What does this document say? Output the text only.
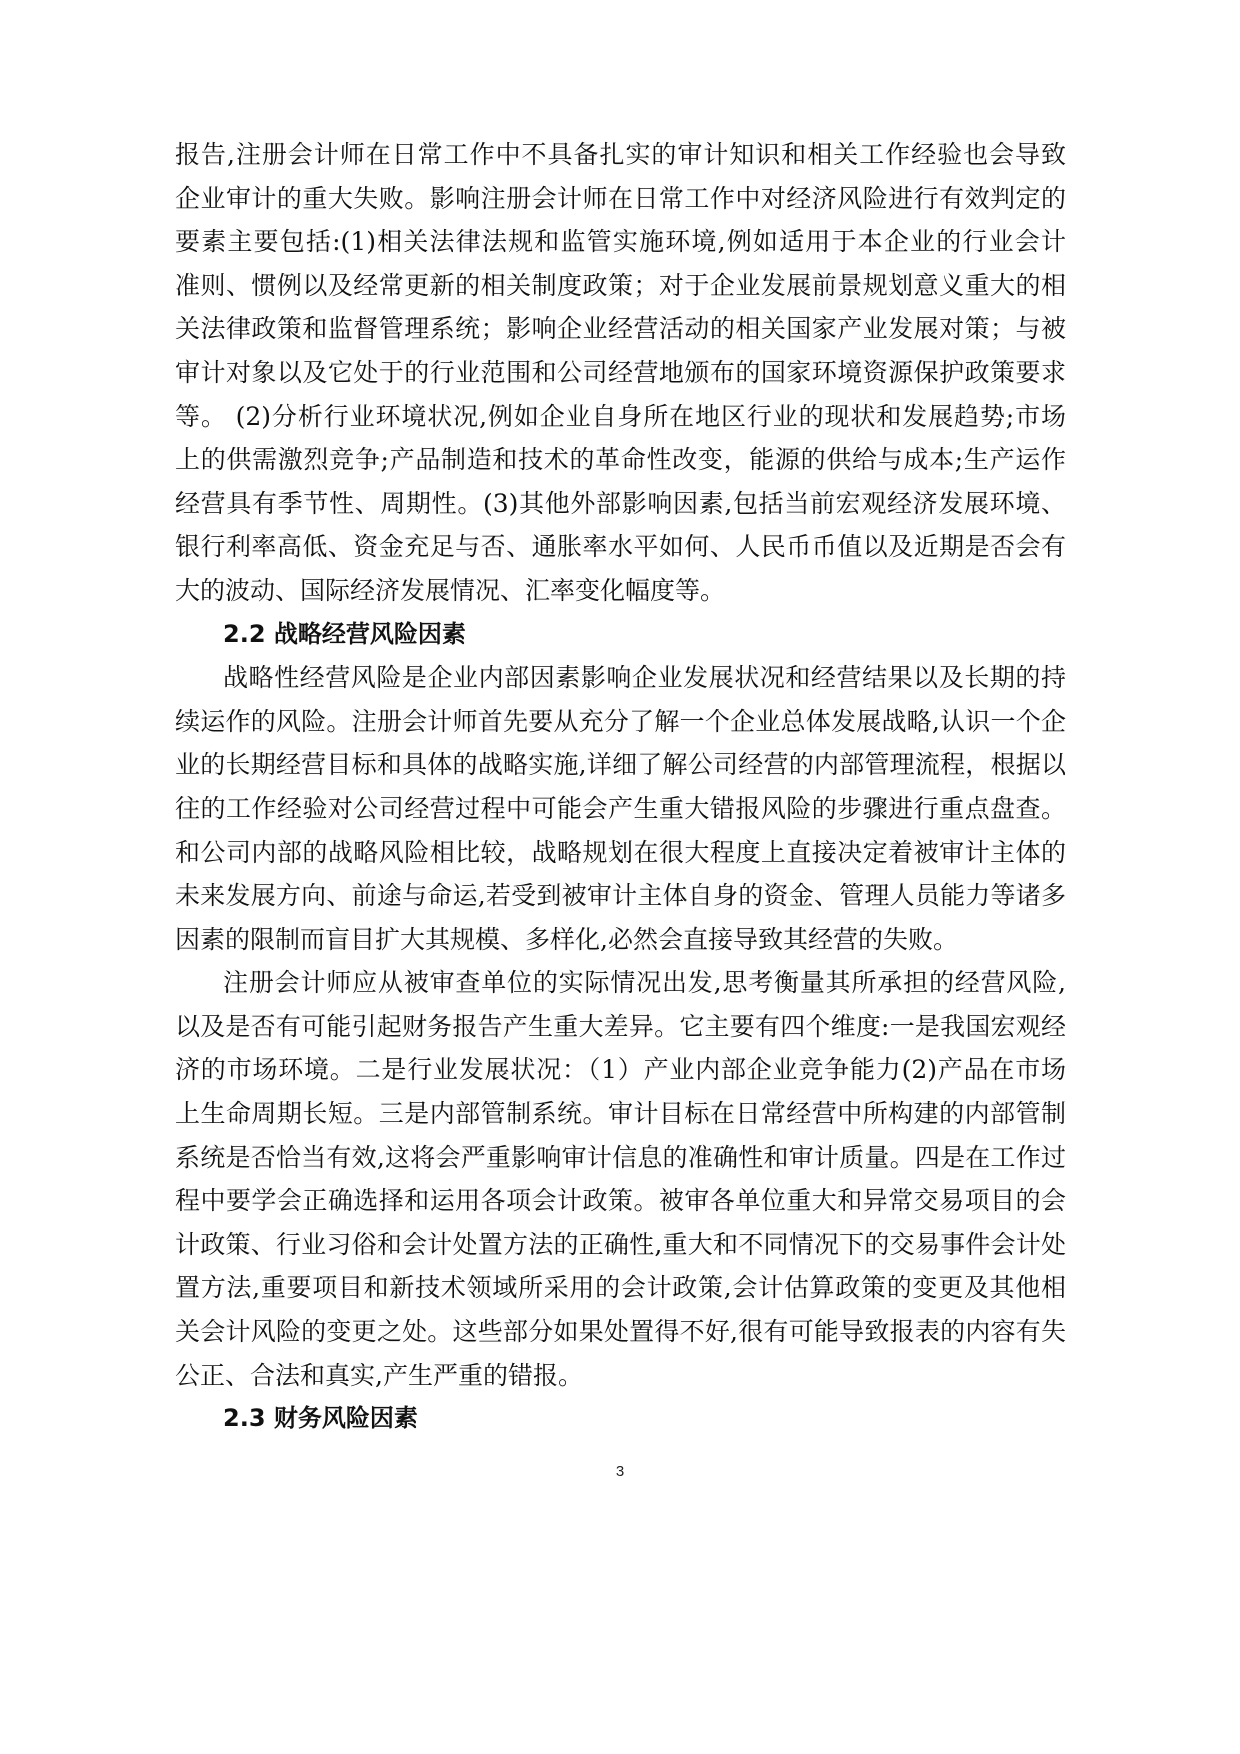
报告,注册会计师在日常工作中不具备扎实的审计知识和相关工作经验也会导致
企业审计的重大失败。影响注册会计师在日常工作中对经济风险进行有效判定的
要素主要包括:(1)相关法律法规和监管实施环境,例如适用于本企业的行业会计
准则、惯例以及经常更新的相关制度政策；对于企业发展前景规划意义重大的相
关法律政策和监督管理系统；影响企业经营活动的相关国家产业发展对策；与被
审计对象以及它处于的行业范围和公司经营地颁布的国家环境资源保护政策要求
等。 (2)分析行业环境状况,例如企业自身所在地区行业的现状和发展趋势;市场
上的供需激烈竞争;产品制造和技术的革命性改变，能源的供给与成本;生产运作
经营具有季节性、周期性。(3)其他外部影响因素,包括当前宏观经济发展环境、
银行利率高低、资金充足与否、通胀率水平如何、人民币币值以及近期是否会有
大的波动、国际经济发展情况、汇率变化幅度等。
2.2 战略经营风险因素
战略性经营风险是企业内部因素影响企业发展状况和经营结果以及长期的持
续运作的风险。注册会计师首先要从充分了解一个企业总体发展战略,认识一个企
业的长期经营目标和具体的战略实施,详细了解公司经营的内部管理流程，根据以
往的工作经验对公司经营过程中可能会产生重大错报风险的步骤进行重点盘查。
和公司内部的战略风险相比较，战略规划在很大程度上直接决定着被审计主体的
未来发展方向、前途与命运,若受到被审计主体自身的资金、管理人员能力等诸多
因素的限制而盲目扩大其规模、多样化,必然会直接导致其经营的失败。
注册会计师应从被审查单位的实际情况出发,思考衡量其所承担的经营风险,
以及是否有可能引起财务报告产生重大差异。它主要有四个维度:一是我国宏观经
济的市场环境。二是行业发展状况：（1）产业内部企业竞争能力(2)产品在市场
上生命周期长短。三是内部管制系统。审计目标在日常经营中所构建的内部管制
系统是否恰当有效,这将会严重影响审计信息的准确性和审计质量。四是在工作过
程中要学会正确选择和运用各项会计政策。被审各单位重大和异常交易项目的会
计政策、行业习俗和会计处置方法的正确性,重大和不同情况下的交易事件会计处
置方法,重要项目和新技术领域所采用的会计政策,会计估算政策的变更及其他相
关会计风险的变更之处。这些部分如果处置得不好,很有可能导致报表的内容有失
公正、合法和真实,产生严重的错报。
2.3 财务风险因素
3
